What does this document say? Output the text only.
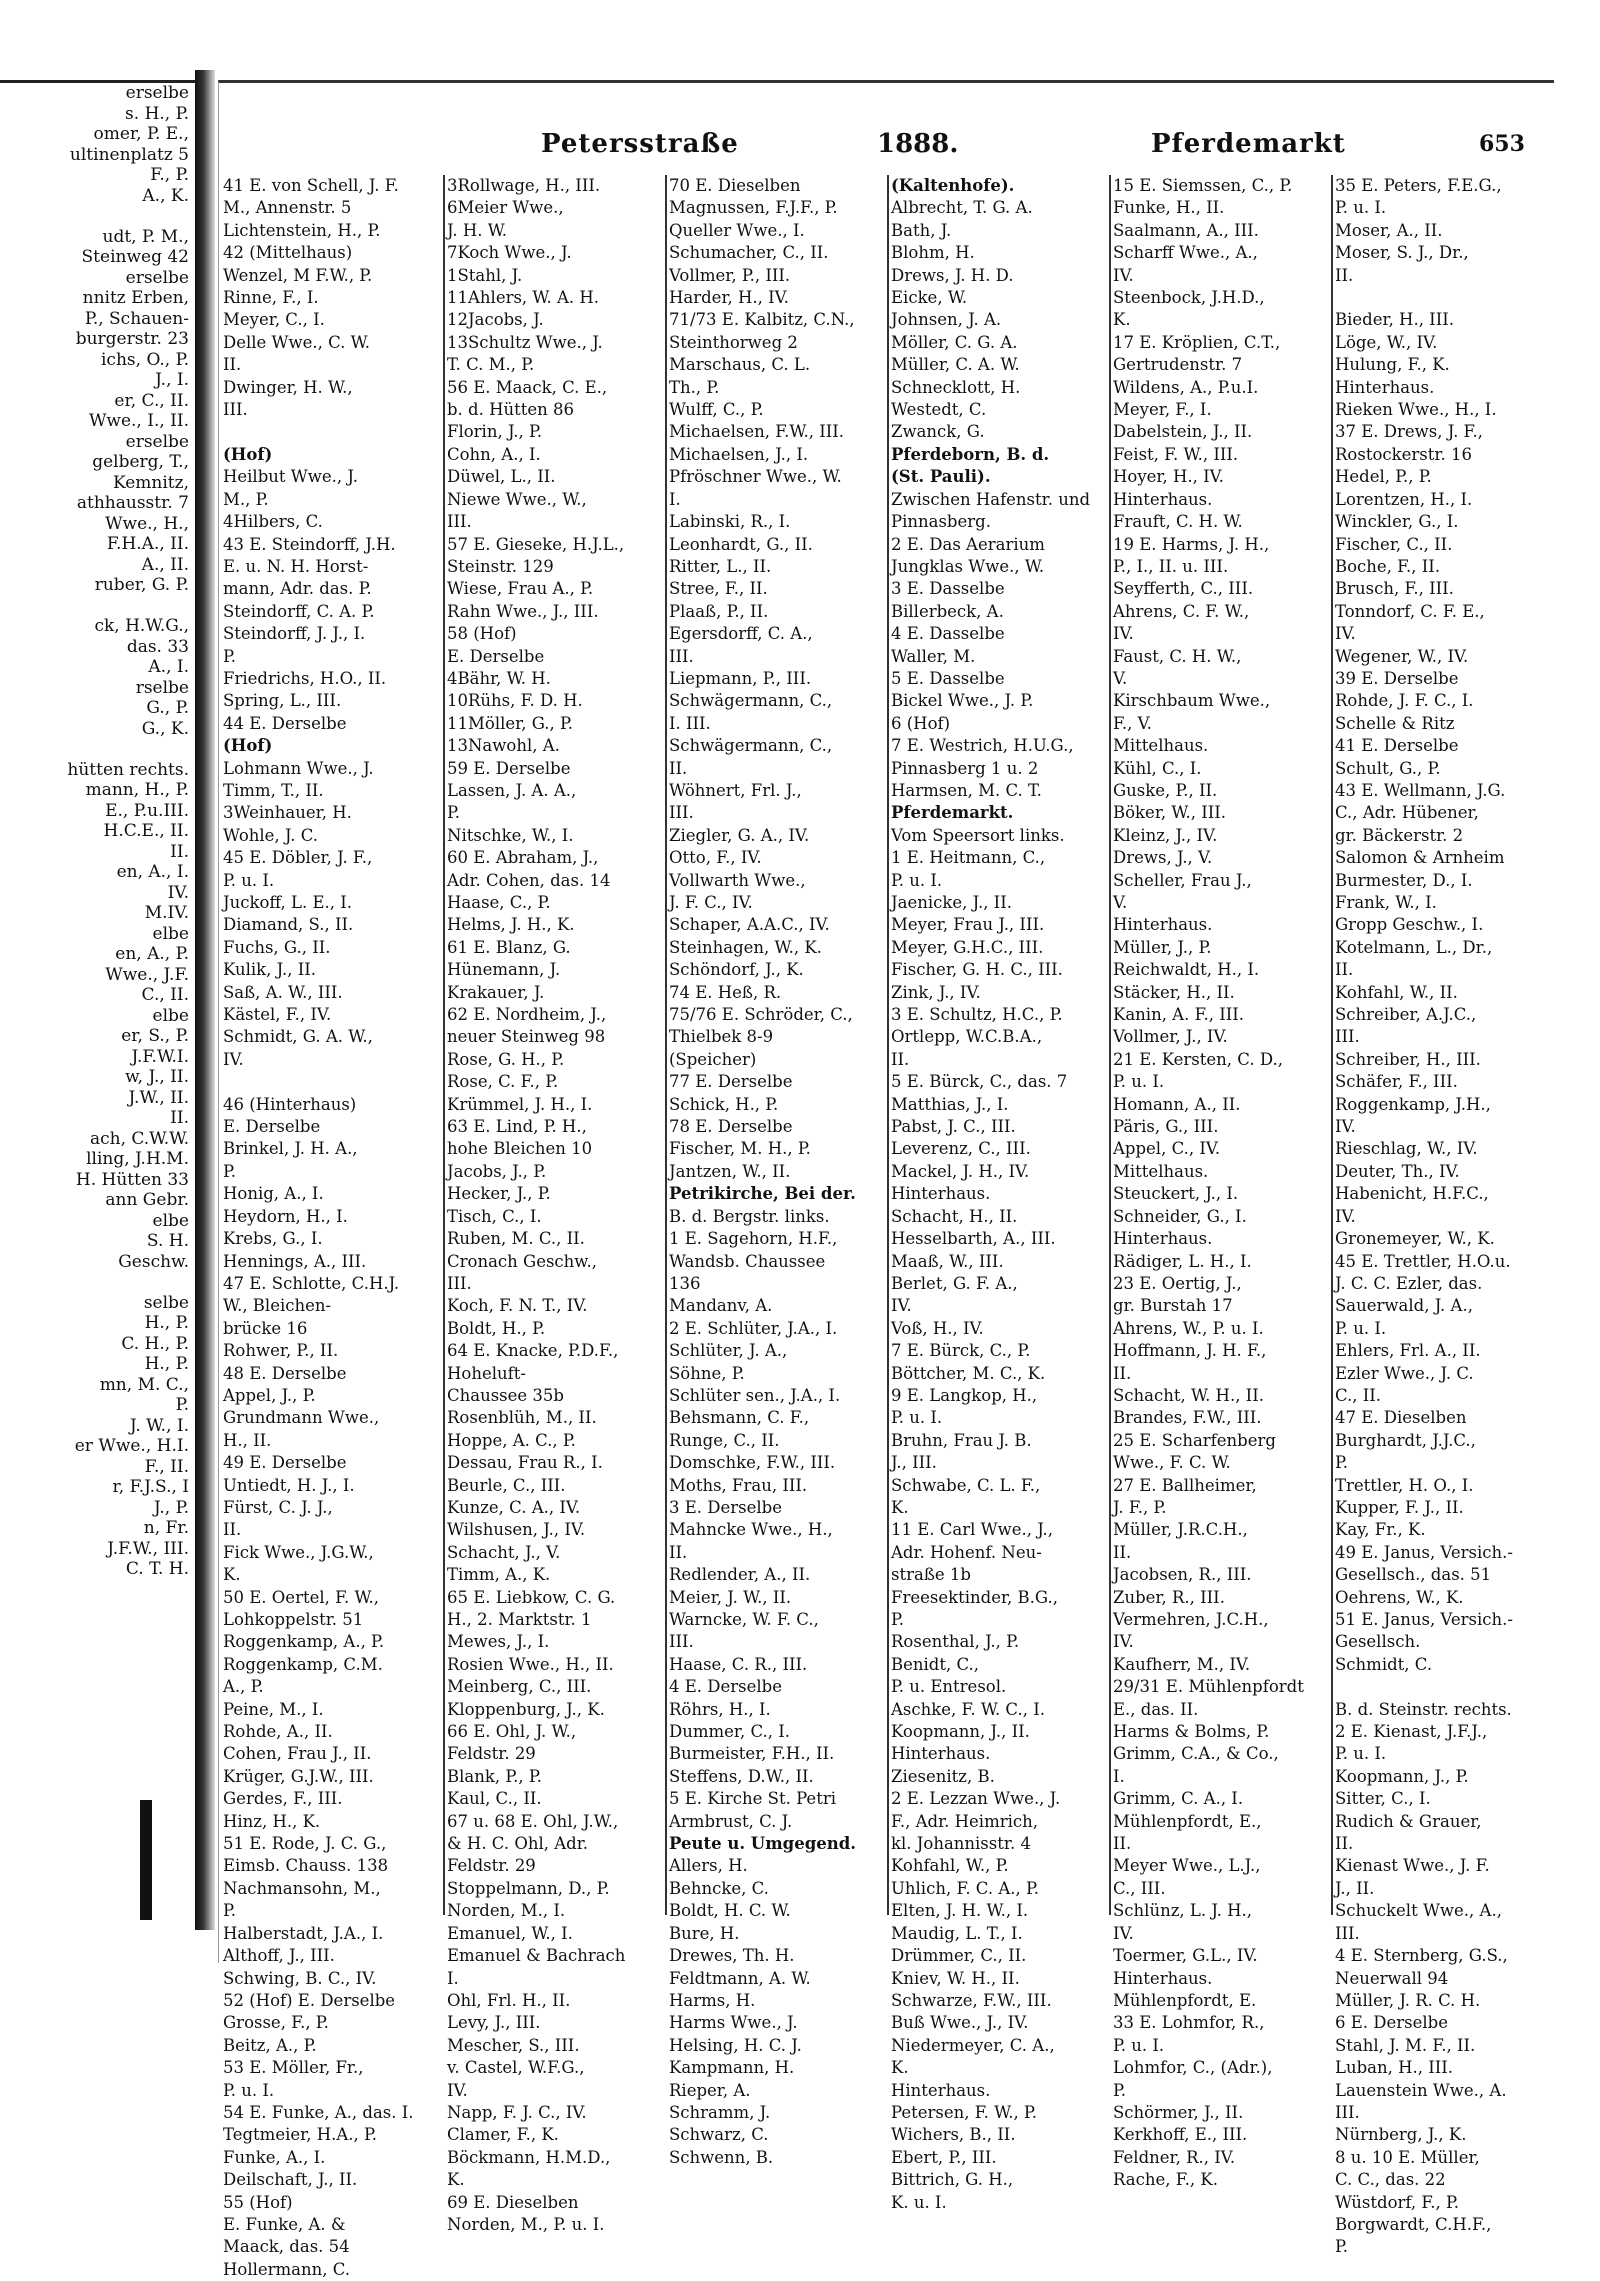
erselbe
s. H., P.
omer, P. E.,
ultinenplatz 5
F., P.
A., K.

udt, P. M.,
Steinweg 42
erselbe
nnitz Erben,
P., Schauen-
burgerstr. 23
ichs, O., P.
J., I.
er, C., II.
Wwe., I., II.
erselbe
gelberg, T.,
Kemnitz,
athhausstr. 7
Wwe., H.,
F.H.A., II.
A., II.
ruber, G. P.

ck, H.W.G.,
das. 33
A., I.
rselbe
G., P.
G., K.

hütten rechts.
mann, H., P.
E., P.u.III.
H.C.E., II.
II.
en, A., I.
IV.
M.IV.
elbe
en, A., P.
Wwe., J.F.
C., II.
elbe
er, S., P.
J.F.W.I.
w, J., II.
J.W., II.
II.
ach, C.W.W.
lling, J.H.M.
H. Hütten 33
ann Gebr.
elbe
S. H.
Geschw.

selbe
H., P.
C. H., P.
H., P.
mn, M. C.,
P.
J. W., I.
er Wwe., H.I.
F., II.
r, F.J.S., I
J., P.
n, Fr.
J.F.W., III.
C. T. H.
Petersstraße	1888.	Pferdemarkt	653
41 E. von Schell, J. F.
M., Annenstr. 5
Lichtenstein, H., P.
42 (Mittelhaus)
Wenzel, M F.W., P.
Rinne, F., I.
Meyer, C., I.
Delle Wwe., C. W.
II.
Dwinger, H. W.,
III.

(Hof)
Heilbut Wwe., J.
M., P.
4Hilbers, C.
43 E. Steindorff, J.H.
E. u. N. H. Horst-
mann, Adr. das. P.
Steindorff, C. A. P.
Steindorff, J. J., I.
P.
Friedrichs, H.O., II.
Spring, L., III.
44 E. Derselbe
(Hof)
Lohmann Wwe., J.
Timm, T., II.
3Weinhauer, H.
Wohle, J. C.
45 E. Döbler, J. F.,
P. u. I.
Juckoff, L. E., I.
Diamand, S., II.
Fuchs, G., II.
Kulik, J., II.
Saß, A. W., III.
Kästel, F., IV.
Schmidt, G. A. W.,
IV.

46 (Hinterhaus)
E. Derselbe
Brinkel, J. H. A.,
P.
Honig, A., I.
Heydorn, H., I.
Krebs, G., I.
Hennings, A., III.
47 E. Schlotte, C.H.J.
W., Bleichen-
brücke 16
Rohwer, P., II.
48 E. Derselbe
Appel, J., P.
Grundmann Wwe.,
H., II.
49 E. Derselbe
Untiedt, H. J., I.
Fürst, C. J. J.,
II.
Fick Wwe., J.G.W.,
K.
50 E. Oertel, F. W.,
Lohkoppelstr. 51
Roggenkamp, A., P.
Roggenkamp, C.M.
A., P.
Peine, M., I.
Rohde, A., II.
Cohen, Frau J., II.
Krüger, G.J.W., III.
Gerdes, F., III.
Hinz, H., K.
51 E. Rode, J. C. G.,
Eimsb. Chauss. 138
Nachmansohn, M.,
P.
Halberstadt, J.A., I.
Althoff, J., III.
Schwing, B. C., IV.
52 (Hof) E. Derselbe
Grosse, F., P.
Beitz, A., P.
53 E. Möller, Fr.,
P. u. I.
54 E. Funke, A., das. I.
Tegtmeier, H.A., P.
Funke, A., I.
Deilschaft, J., II.
55 (Hof)
E. Funke, A. &
Maack, das. 54
Hollermann, C.
3Rollwage, H., III.
6Meier Wwe.,
J. H. W.
7Koch Wwe., J.
1Stahl, J.
11Ahlers, W. A. H.
12Jacobs, J.
13Schultz Wwe., J.
T. C. M., P.
56 E. Maack, C. E.,
b. d. Hütten 86
Florin, J., P.
Cohn, A., I.
Düwel, L., II.
Niewe Wwe., W.,
III.
57 E. Gieseke, H.J.L.,
Steinstr. 129
Wiese, Frau A., P.
Rahn Wwe., J., III.
58 (Hof)
E. Derselbe
4Bähr, W. H.
10Rühs, F. D. H.
11Möller, G., P.
13Nawohl, A.
59 E. Derselbe
Lassen, J. A. A.,
P.
Nitschke, W., I.
60 E. Abraham, J.,
Adr. Cohen, das. 14
Haase, C., P.
Helms, J. H., K.
61 E. Blanz, G.
Hünemann, J.
Krakauer, J.
62 E. Nordheim, J.,
neuer Steinweg 98
Rose, G. H., P.
Rose, C. F., P.
Krümmel, J. H., I.
63 E. Lind, P. H.,
hohe Bleichen 10
Jacobs, J., P.
Hecker, J., P.
Tisch, C., I.
Ruben, M. C., II.
Cronach Geschw.,
III.
Koch, F. N. T., IV.
Boldt, H., P.
64 E. Knacke, P.D.F.,
Hoheluft-
Chaussee 35b
Rosenblüh, M., II.
Hoppe, A. C., P.
Dessau, Frau R., I.
Beurle, C., III.
Kunze, C. A., IV.
Wilshusen, J., IV.
Schacht, J., V.
Timm, A., K.
65 E. Liebkow, C. G.
H., 2. Marktstr. 1
Mewes, J., I.
Rosien Wwe., H., II.
Meinberg, C., III.
Kloppenburg, J., K.
66 E. Ohl, J. W.,
Feldstr. 29
Blank, P., P.
Kaul, C., II.
67 u. 68 E. Ohl, J.W.,
& H. C. Ohl, Adr.
Feldstr. 29
Stoppelmann, D., P.
Norden, M., I.
Emanuel, W., I.
Emanuel & Bachrach
I.
Ohl, Frl. H., II.
Levy, J., III.
Mescher, S., III.
v. Castel, W.F.G.,
IV.
Napp, F. J. C., IV.
Clamer, F., K.
Böckmann, H.M.D.,
K.
69 E. Dieselben
Norden, M., P. u. I.
70 E. Dieselben
Magnussen, F.J.F., P.
Queller Wwe., I.
Schumacher, C., II.
Vollmer, P., III.
Harder, H., IV.
71/73 E. Kalbitz, C.N.,
Steinthorweg 2
Marschaus, C. L.
Th., P.
Wulff, C., P.
Michaelsen, F.W., III.
Michaelsen, J., I.
Pfröschner Wwe., W.
I.
Labinski, R., I.
Leonhardt, G., II.
Ritter, L., II.
Stree, F., II.
Plaaß, P., II.
Egersdorff, C. A.,
III.
Liepmann, P., III.
Schwägermann, C.,
I. III.
Schwägermann, C.,
II.
Wöhnert, Frl. J.,
III.
Ziegler, G. A., IV.
Otto, F., IV.
Vollwarth Wwe.,
J. F. C., IV.
Schaper, A.A.C., IV.
Steinhagen, W., K.
Schöndorf, J., K.
74 E. Heß, R.
75/76 E. Schröder, C.,
Thielbek 8-9
(Speicher)
77 E. Derselbe
Schick, H., P.
78 E. Derselbe
Fischer, M. H., P.
Jantzen, W., II.
Petrikirche, Bei der.
B. d. Bergstr. links.
1 E. Sagehorn, H.F.,
Wandsb. Chaussee
136
Mandanv, A.
2 E. Schlüter, J.A., I.
Schlüter, J. A.,
Söhne, P.
Schlüter sen., J.A., I.
Behsmann, C. F.,
Runge, C., II.
Domschke, F.W., III.
Moths, Frau, III.
3 E. Derselbe
Mahncke Wwe., H.,
II.
Redlender, A., II.
Meier, J. W., II.
Warncke, W. F. C.,
III.
Haase, C. R., III.
4 E. Derselbe
Röhrs, H., I.
Dummer, C., I.
Burmeister, F.H., II.
Steffens, D.W., II.
5 E. Kirche St. Petri
Armbrust, C. J.
Peute u. Umgegend.
Allers, H.
Behncke, C.
Boldt, H. C. W.
Bure, H.
Drewes, Th. H.
Feldtmann, A. W.
Harms, H.
Harms Wwe., J.
Helsing, H. C. J.
Kampmann, H.
Rieper, A.
Schramm, J.
Schwarz, C.
Schwenn, B.
(Kaltenhofe).
Albrecht, T. G. A.
Bath, J.
Blohm, H.
Drews, J. H. D.
Eicke, W.
Johnsen, J. A.
Möller, C. G. A.
Müller, C. A. W.
Schnecklott, H.
Westedt, C.
Zwanck, G.
Pferdeborn, B. d.
(St. Pauli).
Zwischen Hafenstr. und
Pinnasberg.
2 E. Das Aerarium
Jungklas Wwe., W.
3 E. Dasselbe
Billerbeck, A.
4 E. Dasselbe
Waller, M.
5 E. Dasselbe
Bickel Wwe., J. P.
6 (Hof)
7 E. Westrich, H.U.G.,
Pinnasberg 1 u. 2
Harmsen, M. C. T.
Pferdemarkt.
Vom Speersort links.
1 E. Heitmann, C.,
P. u. I.
Jaenicke, J., II.
Meyer, Frau J., III.
Meyer, G.H.C., III.
Fischer, G. H. C., III.
Zink, J., IV.
3 E. Schultz, H.C., P.
Ortlepp, W.C.B.A.,
II.
5 E. Bürck, C., das. 7
Matthias, J., I.
Pabst, J. C., III.
Leverenz, C., III.
Mackel, J. H., IV.
Hinterhaus.
Schacht, H., II.
Hesselbarth, A., III.
Maaß, W., III.
Berlet, G. F. A.,
IV.
Voß, H., IV.
7 E. Bürck, C., P.
Böttcher, M. C., K.
9 E. Langkop, H.,
P. u. I.
Bruhn, Frau J. B.
J., III.
Schwabe, C. L. F.,
K.
11 E. Carl Wwe., J.,
Adr. Hohenf. Neu-
straße 1b
Freesektinder, B.G.,
P.
Rosenthal, J., P.
Benidt, C.,
P. u. Entresol.
Aschke, F. W. C., I.
Koopmann, J., II.
Hinterhaus.
Ziesenitz, B.
2 E. Lezzan Wwe., J.
F., Adr. Heimrich,
kl. Johannisstr. 4
Kohfahl, W., P.
Uhlich, F. C. A., P.
Elten, J. H. W., I.
Maudig, L. T., I.
Drümmer, C., II.
Kniev, W. H., II.
Schwarze, F.W., III.
Buß Wwe., J., IV.
Niedermeyer, C. A.,
K.
Hinterhaus.
Petersen, F. W., P.
Wichers, B., II.
Ebert, P., III.
Bittrich, G. H.,
K. u. I.
15 E. Siemssen, C., P.
Funke, H., II.
Saalmann, A., III.
Scharff Wwe., A.,
IV.
Steenbock, J.H.D.,
K.
17 E. Kröplien, C.T.,
Gertrudenstr. 7
Wildens, A., P.u.I.
Meyer, F., I.
Dabelstein, J., II.
Feist, F. W., III.
Hoyer, H., IV.
Hinterhaus.
Frauft, C. H. W.
19 E. Harms, J. H.,
P., I., II. u. III.
Seyfferth, C., III.
Ahrens, C. F. W.,
IV.
Faust, C. H. W.,
V.
Kirschbaum Wwe.,
F., V.
Mittelhaus.
Kühl, C., I.
Guske, P., II.
Böker, W., III.
Kleinz, J., IV.
Drews, J., V.
Scheller, Frau J.,
V.
Hinterhaus.
Müller, J., P.
Reichwaldt, H., I.
Stäcker, H., II.
Kanin, A. F., III.
Vollmer, J., IV.
21 E. Kersten, C. D.,
P. u. I.
Homann, A., II.
Päris, G., III.
Appel, C., IV.
Mittelhaus.
Steuckert, J., I.
Schneider, G., I.
Hinterhaus.
Rädiger, L. H., I.
23 E. Oertig, J.,
gr. Burstah 17
Ahrens, W., P. u. I.
Hoffmann, J. H. F.,
II.
Schacht, W. H., II.
Brandes, F.W., III.
25 E. Scharfenberg
Wwe., F. C. W.
27 E. Ballheimer,
J. F., P.
Müller, J.R.C.H.,
II.
Jacobsen, R., III.
Zuber, R., III.
Vermehren, J.C.H.,
IV.
Kaufherr, M., IV.
29/31 E. Mühlenpfordt
E., das. II.
Harms & Bolms, P.
Grimm, C.A., & Co.,
I.
Grimm, C. A., I.
Mühlenpfordt, E.,
II.
Meyer Wwe., L.J.,
C., III.
Schlünz, L. J. H.,
IV.
Toermer, G.L., IV.
Hinterhaus.
Mühlenpfordt, E.
33 E. Lohmfor, R.,
P. u. I.
Lohmfor, C., (Adr.),
P.
Schörmer, J., II.
Kerkhoff, E., III.
Feldner, R., IV.
Rache, F., K.
35 E. Peters, F.E.G.,
P. u. I.
Moser, A., II.
Moser, S. J., Dr.,
II.

Bieder, H., III.
Löge, W., IV.
Hulung, F., K.
Hinterhaus.
Rieken Wwe., H., I.
37 E. Drews, J. F.,
Rostockerstr. 16
Hedel, P., P.
Lorentzen, H., I.
Winckler, G., I.
Fischer, C., II.
Boche, F., II.
Brusch, F., III.
Tonndorf, C. F. E.,
IV.
Wegener, W., IV.
39 E. Derselbe
Rohde, J. F. C., I.
Schelle & Ritz
41 E. Derselbe
Schult, G., P.
43 E. Wellmann, J.G.
C., Adr. Hübener,
gr. Bäckerstr. 2
Salomon & Arnheim
Burmester, D., I.
Frank, W., I.
Gropp Geschw., I.
Kotelmann, L., Dr.,
II.
Kohfahl, W., II.
Schreiber, A.J.C.,
III.
Schreiber, H., III.
Schäfer, F., III.
Roggenkamp, J.H.,
IV.
Rieschlag, W., IV.
Deuter, Th., IV.
Habenicht, H.F.C.,
IV.
Gronemeyer, W., K.
45 E. Trettler, H.O.u.
J. C. C. Ezler, das.
Sauerwald, J. A.,
P. u. I.
Ehlers, Frl. A., II.
Ezler Wwe., J. C.
C., II.
47 E. Dieselben
Burghardt, J.J.C.,
P.
Trettler, H. O., I.
Kupper, F. J., II.
Kay, Fr., K.
49 E. Janus, Versich.-
Gesellsch., das. 51
Oehrens, W., K.
51 E. Janus, Versich.-
Gesellsch.
Schmidt, C.

B. d. Steinstr. rechts.
2 E. Kienast, J.F.J.,
P. u. I.
Koopmann, J., P.
Sitter, C., I.
Rudich & Grauer,
II.
Kienast Wwe., J. F.
J., II.
Schuckelt Wwe., A.,
III.
4 E. Sternberg, G.S.,
Neuerwall 94
Müller, J. R. C. H.
6 E. Derselbe
Stahl, J. M. F., II.
Luban, H., III.
Lauenstein Wwe., A.
III.
Nürnberg, J., K.
8 u. 10 E. Müller,
C. C., das. 22
Wüstdorf, F., P.
Borgwardt, C.H.F.,
P.
